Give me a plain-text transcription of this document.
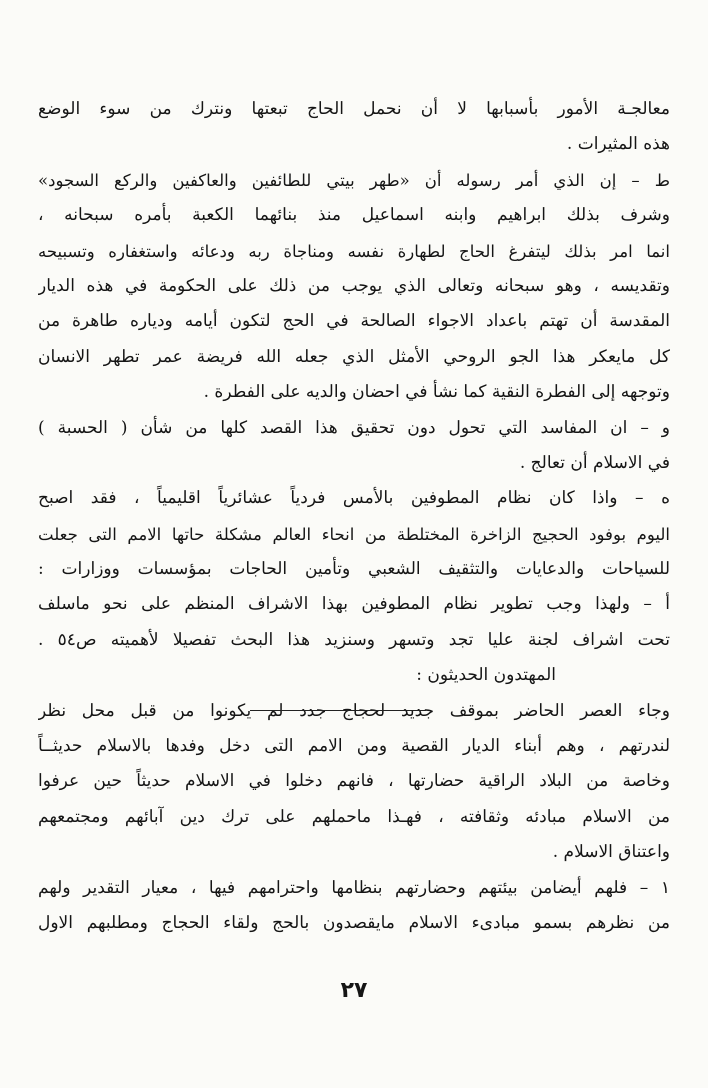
معالجـة الأمور بأسبابها لا أن نحمل الحاج تبعتها ونترك من سوء الوضع
هذه المثيرات .
ط – إن الذي أمر رسوله أن «طهر بيتي للطائفين والعاكفين والركع السجود»
وشرف بذلك ابراهيم وابنه اسماعيل منذ بنائهما الكعبة بأمره سبحانه ،
انما امر بذلك ليتفرغ الحاج لطهارة نفسه ومناجاة ربه ودعائه واستغفاره وتسبيحه
وتقديسه ، وهو سبحانه وتعالى الذي يوجب من ذلك على الحكومة في هذه الديار
المقدسة أن تهتم باعداد الاجواء الصالحة في الحج لتكون أيامه ودياره طاهرة من
كل مايعكر هذا الجو الروحي الأمثل الذي جعله الله فريضة عمر تطهر الانسان
وتوجهه إلى الفطرة النقية كما نشأ في احضان والديه على الفطرة .
و – ان المفاسد التي تحول دون تحقيق هذا القصد كلها من شأن ( الحسبة )
في الاسلام أن تعالج .
ه – واذا كان نظام المطوفين بالأمس فردياً عشائرياً اقليمياً ، فقد اصبح
اليوم بوفود الحجيج الزاخرة المختلطة من انحاء العالم مشكلة حاتها الامم التى جعلت
للسياحات والدعايات والتثقيف الشعبي وتأمين الحاجات بمؤسسات ووزارات :
أ – ولهذا وجب تطوير نظام المطوفين بهذا الاشراف المنظم على نحو ماسلف
تحت اشراف لجنة عليا تجد وتسهر وسنزيد هذا البحث تفصيلا لأهميته ص٥٤ .
المهتدون الحديثون :
وجاء العصر الحاضر بموقف جديد لحجاج جدد لم يكونوا من قبل محل نظر
لندرتهم ، وهم أبناء الديار القصية ومن الامم التى دخل وفدها بالاسلام حديثــاً
وخاصة من البلاد الراقية حضارتها ، فانهم دخلوا في الاسلام حديثاً حين عرفوا
من الاسلام مبادئه وثقافته ، فهـذا ماحملهم على ترك دين آبائهم ومجتمعهم
واعتناق الاسلام .
١ – فلهم أيضامن بيئتهم وحضارتهم بنظامها واحترامهم فيها ، معيار التقدير ولهم
من نظرهم بسمو مبادىء الاسلام مايقصدون بالحج ولقاء الحجاج ومطلبهم الاول
٢٧
